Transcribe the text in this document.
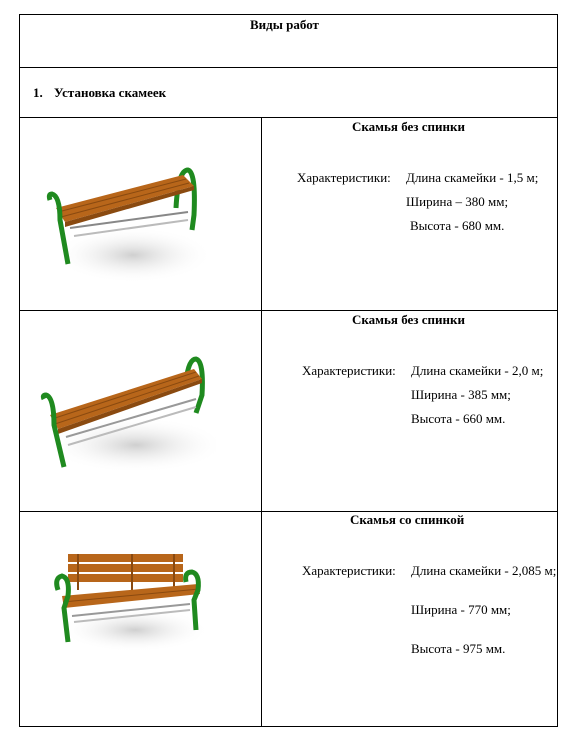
Виды работ
1. Установка скамеек
Скамья без спинки
Характеристики: Длина скамейки - 1,5 м;
Ширина – 380 мм;
Высота - 680 мм.
Скамья без спинки
Характеристики: Длина скамейки - 2,0 м;
Ширина - 385 мм;
Высота - 660 мм.
Скамья со спинкой
Характеристики: Длина скамейки - 2,085 м;
Ширина - 770 мм;
Высота - 975 мм.
